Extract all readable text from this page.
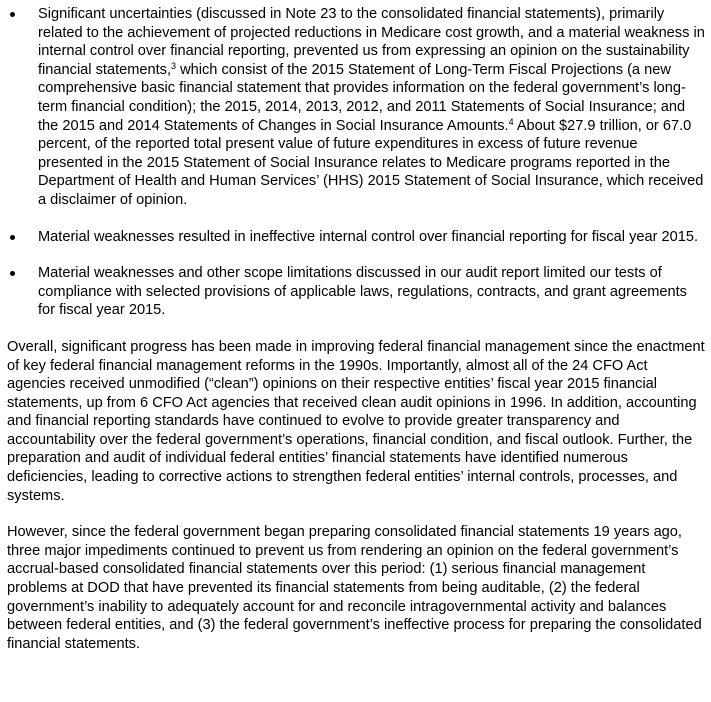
Significant uncertainties (discussed in Note 23 to the consolidated financial statements), primarily related to the achievement of projected reductions in Medicare cost growth, and a material weakness in internal control over financial reporting, prevented us from expressing an opinion on the sustainability financial statements,$^3$ which consist of the 2015 Statement of Long-Term Fiscal Projections (a new comprehensive basic financial statement that provides information on the federal government’s long-term financial condition); the 2015, 2014, 2013, 2012, and 2011 Statements of Social Insurance; and the 2015 and 2014 Statements of Changes in Social Insurance Amounts.$^4$ About $27.9 trillion, or 67.0 percent, of the reported total present value of future expenditures in excess of future revenue presented in the 2015 Statement of Social Insurance relates to Medicare programs reported in the Department of Health and Human Services’ (HHS) 2015 Statement of Social Insurance, which received a disclaimer of opinion.

Material weaknesses resulted in ineffective internal control over financial reporting for fiscal year 2015.

Material weaknesses and other scope limitations discussed in our audit report limited our tests of compliance with selected provisions of applicable laws, regulations, contracts, and grant agreements for fiscal year 2015.

Overall, significant progress has been made in improving federal financial management since the enactment of key federal financial management reforms in the 1990s. Importantly, almost all of the 24 CFO Act agencies received unmodified (“clean”) opinions on their respective entities’ fiscal year 2015 financial statements, up from 6 CFO Act agencies that received clean audit opinions in 1996. In addition, accounting and financial reporting standards have continued to evolve to provide greater transparency and accountability over the federal government’s operations, financial condition, and fiscal outlook. Further, the preparation and audit of individual federal entities’ financial statements have identified numerous deficiencies, leading to corrective actions to strengthen federal entities’ internal controls, processes, and systems.

However, since the federal government began preparing consolidated financial statements 19 years ago, three major impediments continued to prevent us from rendering an opinion on the federal government’s accrual-based consolidated financial statements over this period: (1) serious financial management problems at DOD that have prevented its financial statements from being auditable, (2) the federal government’s inability to adequately account for and reconcile intragovernmental activity and balances between federal entities, and (3) the federal government’s ineffective process for preparing the consolidated financial statements.
